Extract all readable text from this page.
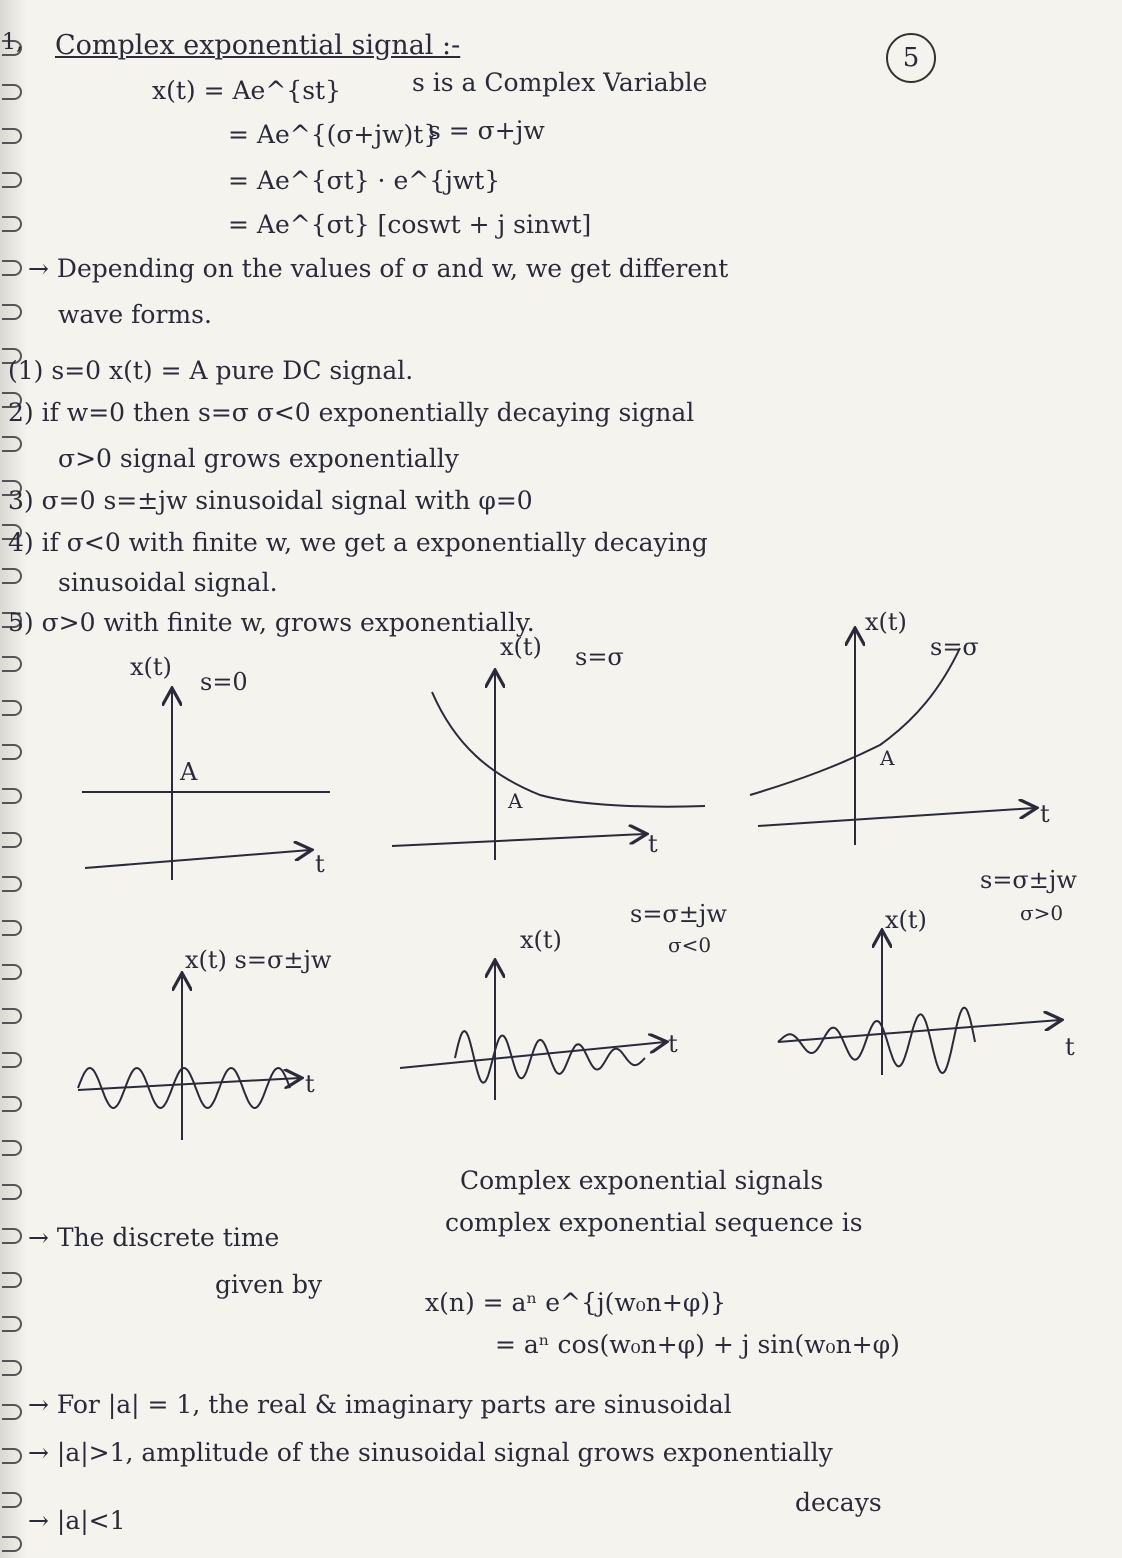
1, Complex exponential signal :-	5
x(t) = Ae^{st}	s is a Complex Variable
= Ae^{(σ+jw)t}
s = σ+jw
= Ae^{σt} · e^{jwt}
= Ae^{σt} [coswt + j sinwt]
→ Depending on the values of σ and w, we get different
wave forms.
(1) s=0 x(t) = A pure DC signal.
2) if w=0 then s=σ σ<0 exponentially decaying signal
σ>0 signal grows exponentially
3) σ=0 s=±jw sinusoidal signal with φ=0
4) if σ<0 with finite w, we get a exponentially decaying
sinusoidal signal.
5) σ>0 with finite w, grows exponentially.
x(t)
s=0
A
t
x(t) s=σ
A
t
x(t)
s=σ
A
t
x(t) s=σ±jw
t
x(t)
s=σ±jw
σ<0
t
x(t)
s=σ±jw
σ>0
t
Complex exponential signals
→ The discrete time
complex exponential sequence is
given by
x(n) = aⁿ e^{j(w₀n+φ)}
= aⁿ cos(w₀n+φ) + j sin(w₀n+φ)
→ For |a| = 1, the real & imaginary parts are sinusoidal
→ |a|>1, amplitude of the sinusoidal signal grows exponentially
→ |a|<1
decays
